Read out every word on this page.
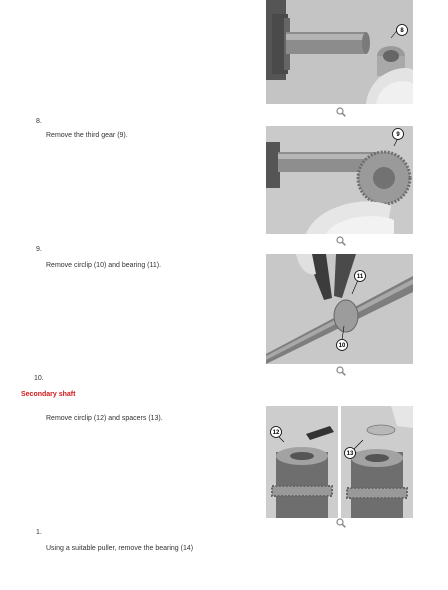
8
8.
Remove the third gear (9).	9
9.
Remove circlip (10) and bearing (11).
11
10
10.
Secondary shaft
Remove circlip (12) and spacers (13).
12
13
1.
Using a suitable puller, remove the bearing (14)
